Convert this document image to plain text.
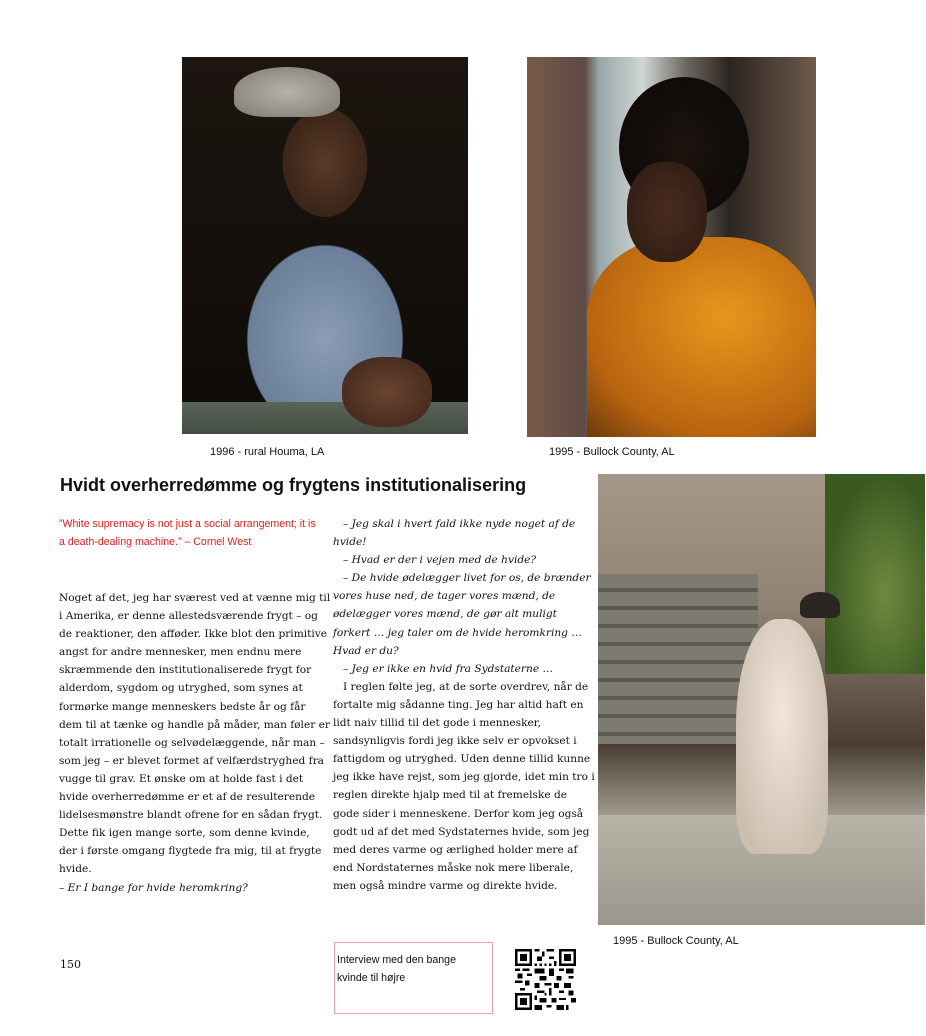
1996 - rural Houma, LA	1995 - Bullock County, AL
1995 - Bullock County, AL
Hvidt overherredømme og frygtens institutionalisering
”White supremacy is not just a social arrangement; it is a death-dealing machine.” – Cornel West

Noget af det, jeg har sværest ved at vænne mig til i Amerika, er denne allestedsværende frygt – og de reaktioner, den afføder. Ikke blot den primitive angst for andre mennesker, men endnu mere skræmmende den institutionaliserede frygt for alderdom, sygdom og utryghed, som synes at formørke mange menneskers bedste år og får dem til at tænke og handle på måder, man føler er totalt irrationelle og selvødelæggende, når man – som jeg – er blevet formet af velfærdstryghed fra vugge til grav. Et ønske om at holde fast i det hvide overherredømme er et af de resulterende lidelsesmønstre blandt ofrene for en sådan frygt. Dette fik igen mange sorte, som denne kvinde, der i første omgang flygtede fra mig, til at frygte hvide.

– Er I bange for hvide heromkring?

– Jeg skal i hvert fald ikke nyde noget af de hvide!

– Hvad er der i vejen med de hvide?

– De hvide ødelægger livet for os, de brænder vores huse ned, de tager vores mænd, de ødelægger vores mænd, de gør alt muligt forkert … jeg taler om de hvide heromkring … Hvad er du?

– Jeg er ikke en hvid fra Sydstaterne …

I reglen følte jeg, at de sorte overdrev, når de fortalte mig sådanne ting. Jeg har altid haft en lidt naiv tillid til det gode i mennesker, sandsynligvis fordi jeg ikke selv er opvokset i fattigdom og utryghed. Uden denne tillid kunne jeg ikke have rejst, som jeg gjorde, idet min tro i reglen direkte hjalp med til at fremelske de gode sider i menneskene. Derfor kom jeg også godt ud af det med Sydstaternes hvide, som jeg med deres varme og ærlighed holder mere af end Nordstaternes måske nok mere liberale, men også mindre varme og direkte hvide.

150	Interview med den bange kvinde til højre
